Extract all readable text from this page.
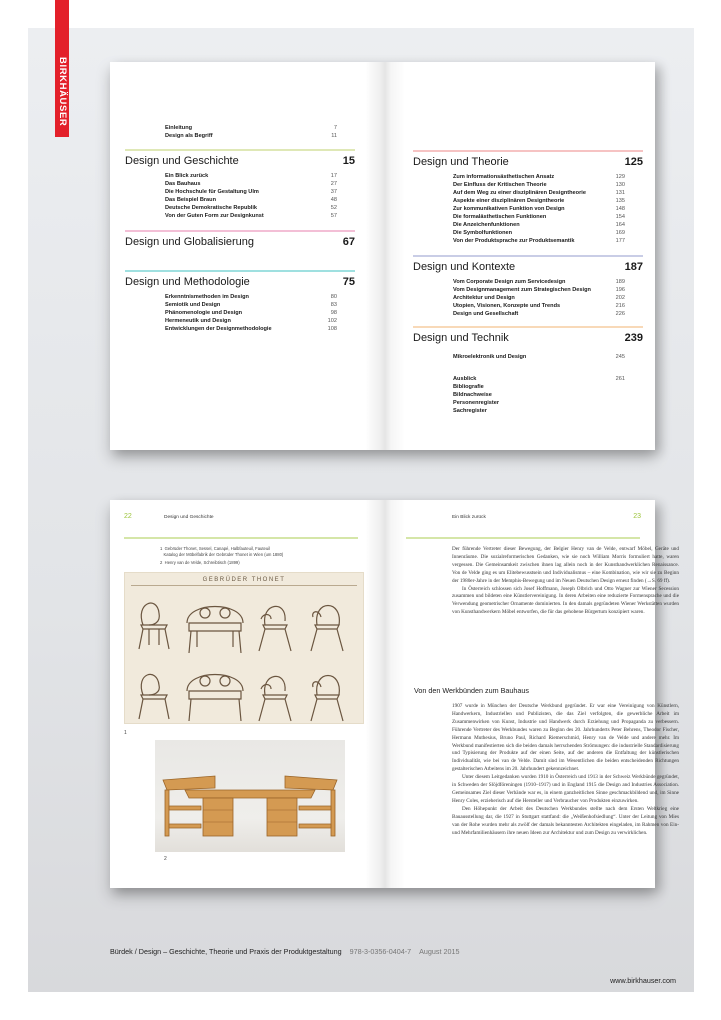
BIRKHÄUSER
Einleitung	7
Design als Begriff	11
Design und Geschichte	15
Ein Blick zurück	17
Das Bauhaus	27
Die Hochschule für Gestaltung Ulm	37
Das Beispiel Braun	48
Deutsche Demokratische Republik	52
Von der Guten Form zur Designkunst	57
Design und Globalisierung	67
Design und Methodologie	75
Erkenntnismethoden im Design	80
Semiotik und Design	83
Phänomenologie und Design	98
Hermeneutik und Design	102
Entwicklungen der Designmethodologie	108
Design und Theorie	125
Zum informationsästhetischen Ansatz	129
Der Einfluss der Kritischen Theorie	130
Auf dem Weg zu einer disziplinären Designtheorie	131
Aspekte einer disziplinären Designtheorie	135
Zur kommunikativen Funktion von Design	148
Die formalästhetischen Funktionen	154
Die Anzeichenfunktionen	164
Die Symbolfunktionen	169
Von der Produktsprache zur Produktsemantik	177
Design und Kontexte	187
Vom Corporate Design zum Servicedesign	189
Vom Designmanagement zum Strategischen Design	196
Architektur und Design	202
Utopien, Visionen, Konzepte und Trends	216
Design und Gesellschaft	226
Design und Technik	239
Mikroelektronik und Design	245
Ausblick	261
Bibliografie
Bildnachweise
Personenregister
Sachregister
22	Design und Geschichte
1 Gebrüder Thonet, Sessel, Canapé, Halbfauteuil, Fauteuil
Katalog der Möbelfabrik der Gebrüder Thonet in Wien (um 1880)
2 Henry van de Velde, Schreibtisch (1899)
GEBRÜDER THONET
1
2
Ein Blick zurück	23

Der führende Vertreter dieser Bewegung, der Belgier Henry van de Velde, entwarf Möbel, Geräte und Innenräume. Die sozialreformerischen Gedanken, wie sie noch William Morris formuliert hatte, waren vergessen. Die Gemeinsamkeit zwischen ihnen lag allein noch in der Kunsthandwerklichen Renaissance. Von de Velde ging es um Elitebewusstsein und Individualismus – eine Kombination, wie wir sie zu Beginn der 1980er-Jahre in der Memphis-Bewegung und im Neuen Deutschen Design erneut finden (→S. 69 ff).

In Österreich schlossen sich Josef Hoffmann, Joseph Olbrich und Otto Wagner zur Wiener Secession zusammen und bildeten eine Künstlervereinigung. In deren Arbeiten eine reduzierte Formensprache und die Verwendung geometrischer Ornamente dominierten. In den damals gegründeten Wiener Werkstätten wurden von Kunsthandwerkern Möbel entworfen, die für das gehobene Bürgertum konzipiert waren.

Von den Werkbünden zum Bauhaus

1907 wurde in München der Deutsche Werkbund gegründet. Er war eine Vereinigung von Künstlern, Handwerkern, Industriellen und Publizisten, die das Ziel verfolgten, die gewerbliche Arbeit im Zusammenwirken von Kunst, Industrie und Handwerk durch Erziehung und Propaganda zu verbessern. Führende Vertreter des Werkbundes waren zu Beginn des 20. Jahrhunderts Peter Behrens, Theodor Fischer, Hermann Muthesius, Bruno Paul, Richard Riemerschmid, Henry van de Velde und andere mehr. Im Werkbund manifestierten sich die beiden damals herrschenden Strömungen: die industrielle Standardisierung und Typisierung der Produkte auf der einen Seite, auf der anderen die Entfaltung der künstlerischen Individualität, wie bei van de Velde. Damit sind im Wesentlichen die beiden entscheidenden Richtungen gestalterischen Arbeitens im 20. Jahrhundert gekennzeichnet.

Unter diesem Leitgedanken wurden 1910 in Österreich und 1913 in der Schweiz Werkbünde gegründet, in Schweden der Slöjdföreningen (1910–1917) und in England 1915 die Design and Industries Association. Gemeinsames Ziel dieser Verbände war es, in einem ganzheitlichen Sinne geschmackbildend und, im Sinne Henry Coles, erzieherisch auf die Hersteller und Verbraucher von Produkten einzuwirken.

Den Höhepunkt der Arbeit des Deutschen Werkbundes stellte nach dem Ersten Weltkrieg eine Bauausstellung dar, die 1927 in Stuttgart stattfand: die „Weißenhofsiedlung“. Unter der Leitung von Mies van der Rohe wurden mehr als zwölf der damals bekanntesten Architekten eingeladen, im Rahmen von Ein- und Mehrfamilienhäusern ihre neuen Ideen zur Architektur und zum Design zu verwirklichen.

Bürdek / Design – Geschichte, Theorie und Praxis der Produktgestaltung 978-3-0356-0404-7 August 2015
www.birkhauser.com
